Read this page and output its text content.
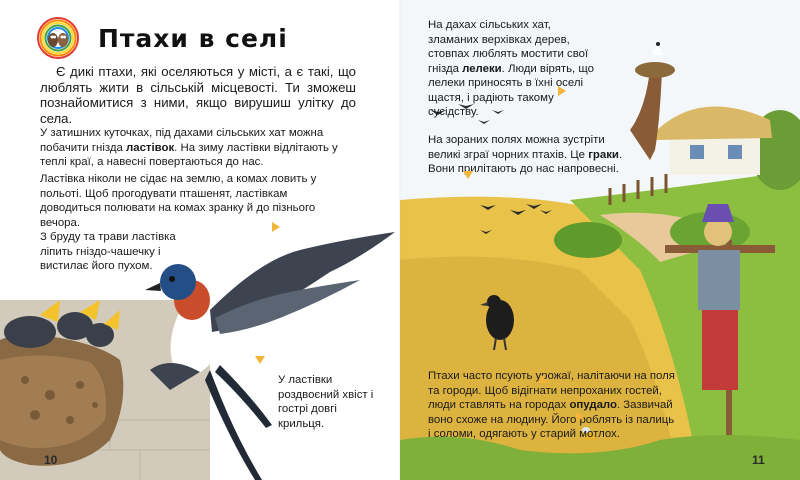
Птахи в селі
Є дикі птахи, які оселяються у місті, а є такі, що люблять жити в сільській місцевості. Ти зможеш познайомитися з ними, якщо вирушиш улітку до села.
У затишних куточках, під дахами сільських хат можна побачити гнізда ластівок. На зиму ластівки відлітають у теплі краї, а навесні повертаються до нас.
Ластівка ніколи не сідає на землю, а комах ловить у польоті. Щоб прогодувати пташенят, ластівкам доводиться полювати на комах зранку й до пізнього вечора.
З бруду та трави ластівка ліпить гніздо-чашечку і вистилає його пухом.
У ластівки роздвоєний хвіст і гострі довгі крильця.
10
На дахах сільських хат, зламаних верхівках дерев, стовпах люблять мостити свої гнізда лелеки. Люди вірять, що лелеки приносять в їхні оселі щастя, і радіють такому сусідству.
На зораних полях можна зустріти великі зграї чорних птахів. Це граки. Вони прилітають до нас напровесні.
Птахи часто псують урожаї, налітаючи на поля та городи. Щоб відігнати непроханих гостей, люди ставлять на городах опудало. Зазвичай воно схоже на людину. Його роблять із палиць і соломи, одягають у старий мотлох.
11
